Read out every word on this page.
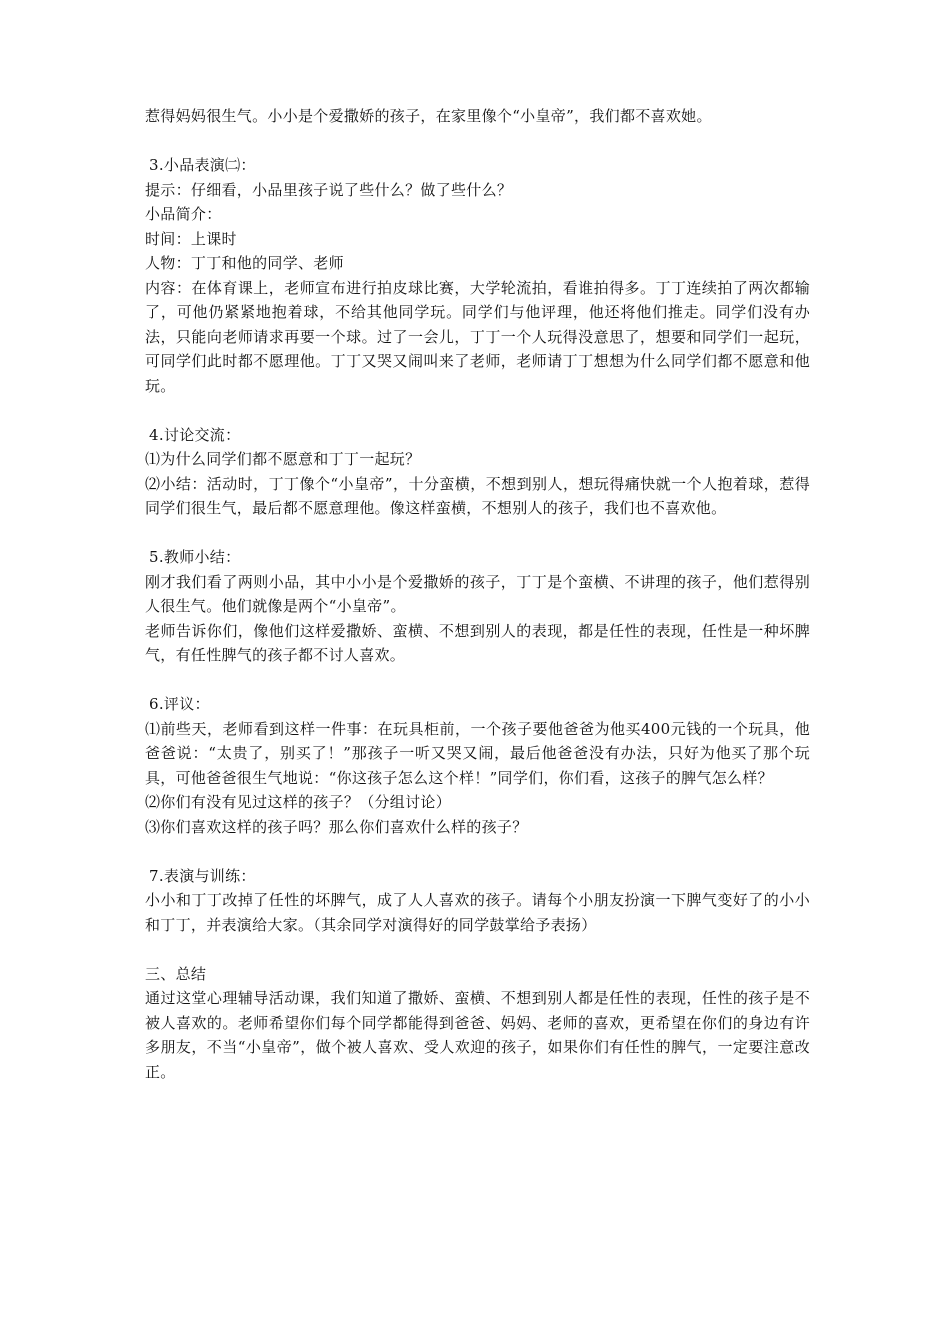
惹得妈妈很生气。小小是个爱撒娇的孩子，在家里像个“小皇帝”，我们都不喜欢她。
3.小品表演㈡：
提示：仔细看，小品里孩子说了些什么？做了些什么？
小品简介：
时间：上课时
人物：丁丁和他的同学、老师
内容：在体育课上，老师宣布进行拍皮球比赛，大学轮流拍，看谁拍得多。丁丁连续拍了两次都输了，可他仍紧紧地抱着球，不给其他同学玩。同学们与他评理，他还将他们推走。同学们没有办法，只能向老师请求再要一个球。过了一会儿，丁丁一个人玩得没意思了，想要和同学们一起玩，可同学们此时都不愿理他。丁丁又哭又闹叫来了老师，老师请丁丁想想为什么同学们都不愿意和他玩。
4.讨论交流：
⑴为什么同学们都不愿意和丁丁一起玩？
⑵小结：活动时，丁丁像个“小皇帝”，十分蛮横，不想到别人，想玩得痛快就一个人抱着球，惹得同学们很生气，最后都不愿意理他。像这样蛮横，不想别人的孩子，我们也不喜欢他。
5.教师小结：
刚才我们看了两则小品，其中小小是个爱撒娇的孩子，丁丁是个蛮横、不讲理的孩子，他们惹得别人很生气。他们就像是两个“小皇帝”。
老师告诉你们，像他们这样爱撒娇、蛮横、不想到别人的表现，都是任性的表现，任性是一种坏脾气，有任性脾气的孩子都不讨人喜欢。
6.评议：
⑴前些天，老师看到这样一件事：在玩具柜前，一个孩子要他爸爸为他买400元钱的一个玩具，他爸爸说：“太贵了，别买了！”那孩子一听又哭又闹，最后他爸爸没有办法，只好为他买了那个玩具，可他爸爸很生气地说：“你这孩子怎么这个样！”同学们，你们看，这孩子的脾气怎么样？
⑵你们有没有见过这样的孩子？（分组讨论）
⑶你们喜欢这样的孩子吗？那么你们喜欢什么样的孩子？
7.表演与训练：
小小和丁丁改掉了任性的坏脾气，成了人人喜欢的孩子。请每个小朋友扮演一下脾气变好了的小小和丁丁，并表演给大家。（其余同学对演得好的同学鼓掌给予表扬）
三、总结
通过这堂心理辅导活动课，我们知道了撒娇、蛮横、不想到别人都是任性的表现，任性的孩子是不被人喜欢的。老师希望你们每个同学都能得到爸爸、妈妈、老师的喜欢，更希望在你们的身边有许多朋友，不当“小皇帝”，做个被人喜欢、受人欢迎的孩子，如果你们有任性的脾气，一定要注意改正。
